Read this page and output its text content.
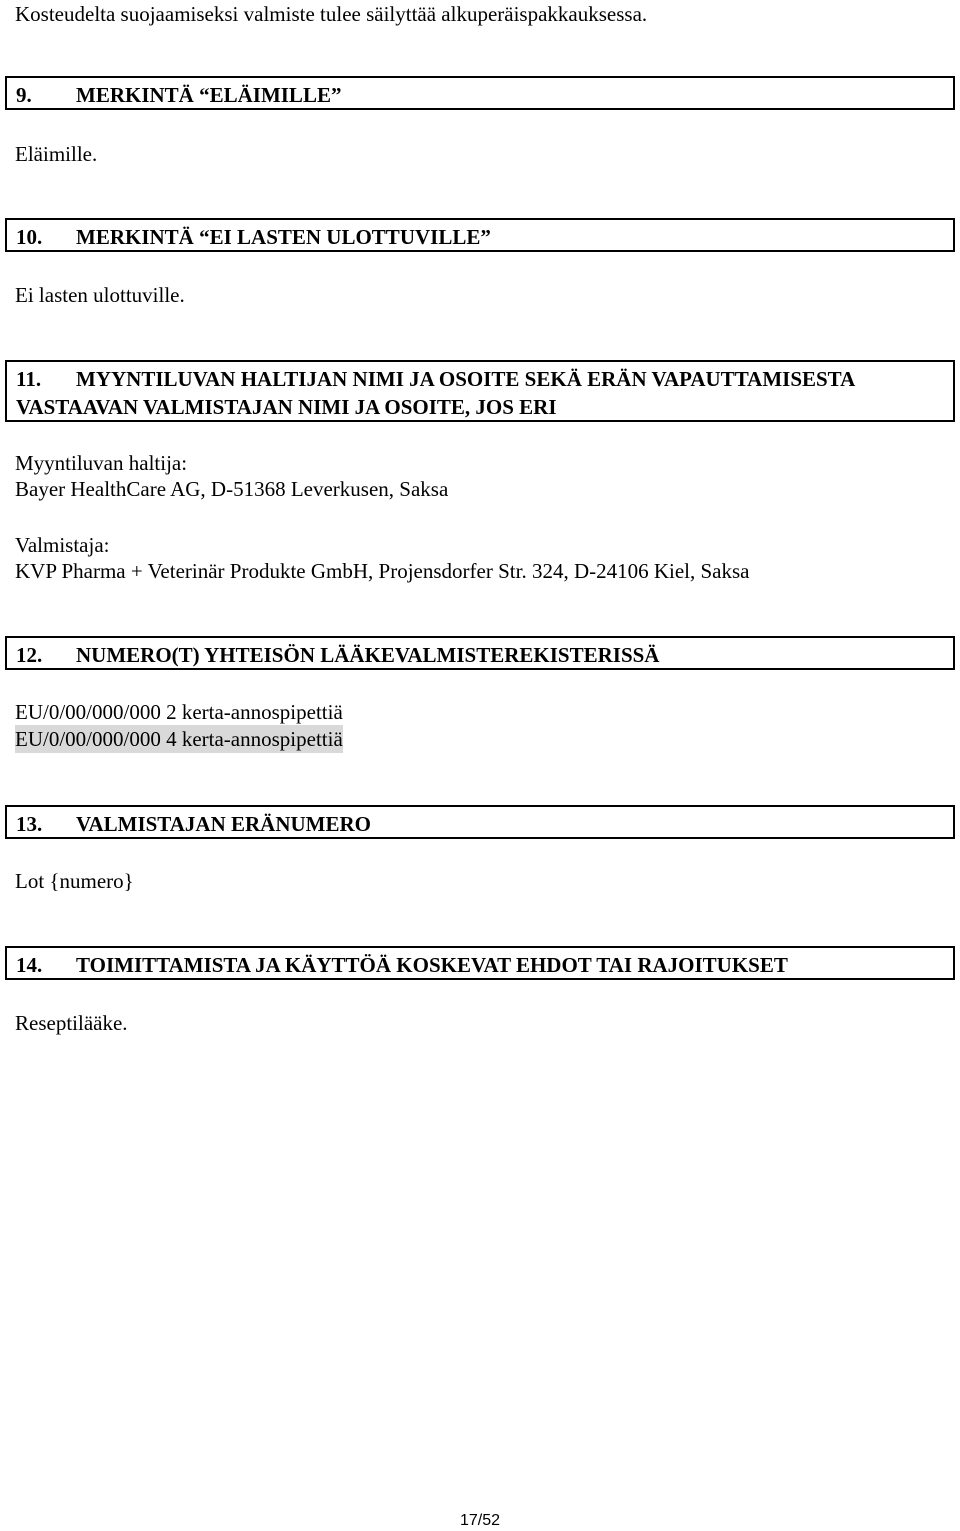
Kosteudelta suojaamiseksi valmiste tulee säilyttää alkuperäispakkauksessa.
9.	MERKINTÄ “ELÄIMILLE”
Eläimille.
10.	MERKINTÄ “EI LASTEN ULOTTUVILLE”
Ei lasten ulottuville.
11.	MYYNTILUVAN HALTIJAN NIMI JA OSOITE SEKÄ ERÄN VAPAUTTAMISESTA
VASTAAVAN VALMISTAJAN NIMI JA OSOITE, JOS ERI
Myyntiluvan haltija:
Bayer HealthCare AG, D-51368 Leverkusen, Saksa
Valmistaja:
KVP Pharma + Veterinär Produkte GmbH, Projensdorfer Str. 324, D-24106 Kiel, Saksa
12.	NUMERO(T) YHTEISÖN LÄÄKEVALMISTEREKISTERISSÄ
EU/0/00/000/000 2 kerta-annospipettiä
EU/0/00/000/000 4 kerta-annospipettiä
13.	VALMISTAJAN ERÄNUMERO
Lot {numero}
14.	TOIMITTAMISTA JA KÄYTTÖÄ KOSKEVAT EHDOT TAI RAJOITUKSET
Reseptilääke.
17/52
